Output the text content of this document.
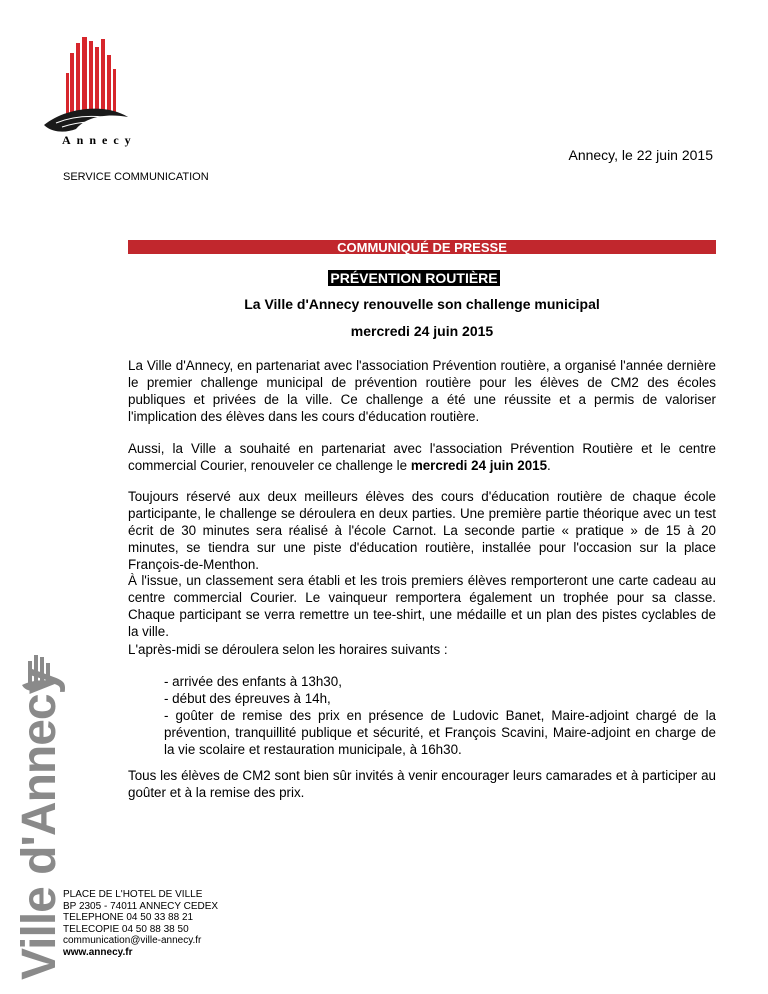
Annecy
Annecy, le 22 juin 2015
SERVICE COMMUNICATION
COMMUNIQUÉ DE PRESSE
PRÉVENTION ROUTIÈRE
La Ville d'Annecy renouvelle son challenge municipal
mercredi 24 juin 2015

La Ville d'Annecy, en partenariat avec l'association Prévention routière, a organisé l'année dernière le premier challenge municipal de prévention routière pour les élèves de CM2 des écoles publiques et privées de la ville. Ce challenge a été une réussite et a permis de valoriser l'implication des élèves dans les cours d'éducation routière.

Aussi, la Ville a souhaité en partenariat avec l'association Prévention Routière et le centre commercial Courier, renouveler ce challenge le mercredi 24 juin 2015.

Toujours réservé aux deux meilleurs élèves des cours d'éducation routière de chaque école participante, le challenge se déroulera en deux parties. Une première partie théorique avec un test écrit de 30 minutes sera réalisé à l'école Carnot. La seconde partie « pratique » de 15 à 20 minutes, se tiendra sur une piste d'éducation routière, installée pour l'occasion sur la place François-de-Menthon.

À l'issue, un classement sera établi et les trois premiers élèves remporteront une carte cadeau au centre commercial Courier. Le vainqueur remportera également un trophée pour sa classe. Chaque participant se verra remettre un tee-shirt, une médaille et un plan des pistes cyclables de la ville.

L'après-midi se déroulera selon les horaires suivants :

- arrivée des enfants à 13h30,
- début des épreuves à 14h,
- goûter de remise des prix en présence de Ludovic Banet, Maire-adjoint chargé de la prévention, tranquillité publique et sécurité, et François Scavini, Maire-adjoint en charge de la vie scolaire et restauration municipale, à 16h30.

Tous les élèves de CM2 sont bien sûr invités à venir encourager leurs camarades et à participer au goûter et à la remise des prix.

Ville d'Annecy
PLACE DE L'HOTEL DE VILLE
BP 2305 - 74011 ANNECY CEDEX
TELEPHONE 04 50 33 88 21
TELECOPIE 04 50 88 38 50
communication@ville-annecy.fr
www.annecy.fr
